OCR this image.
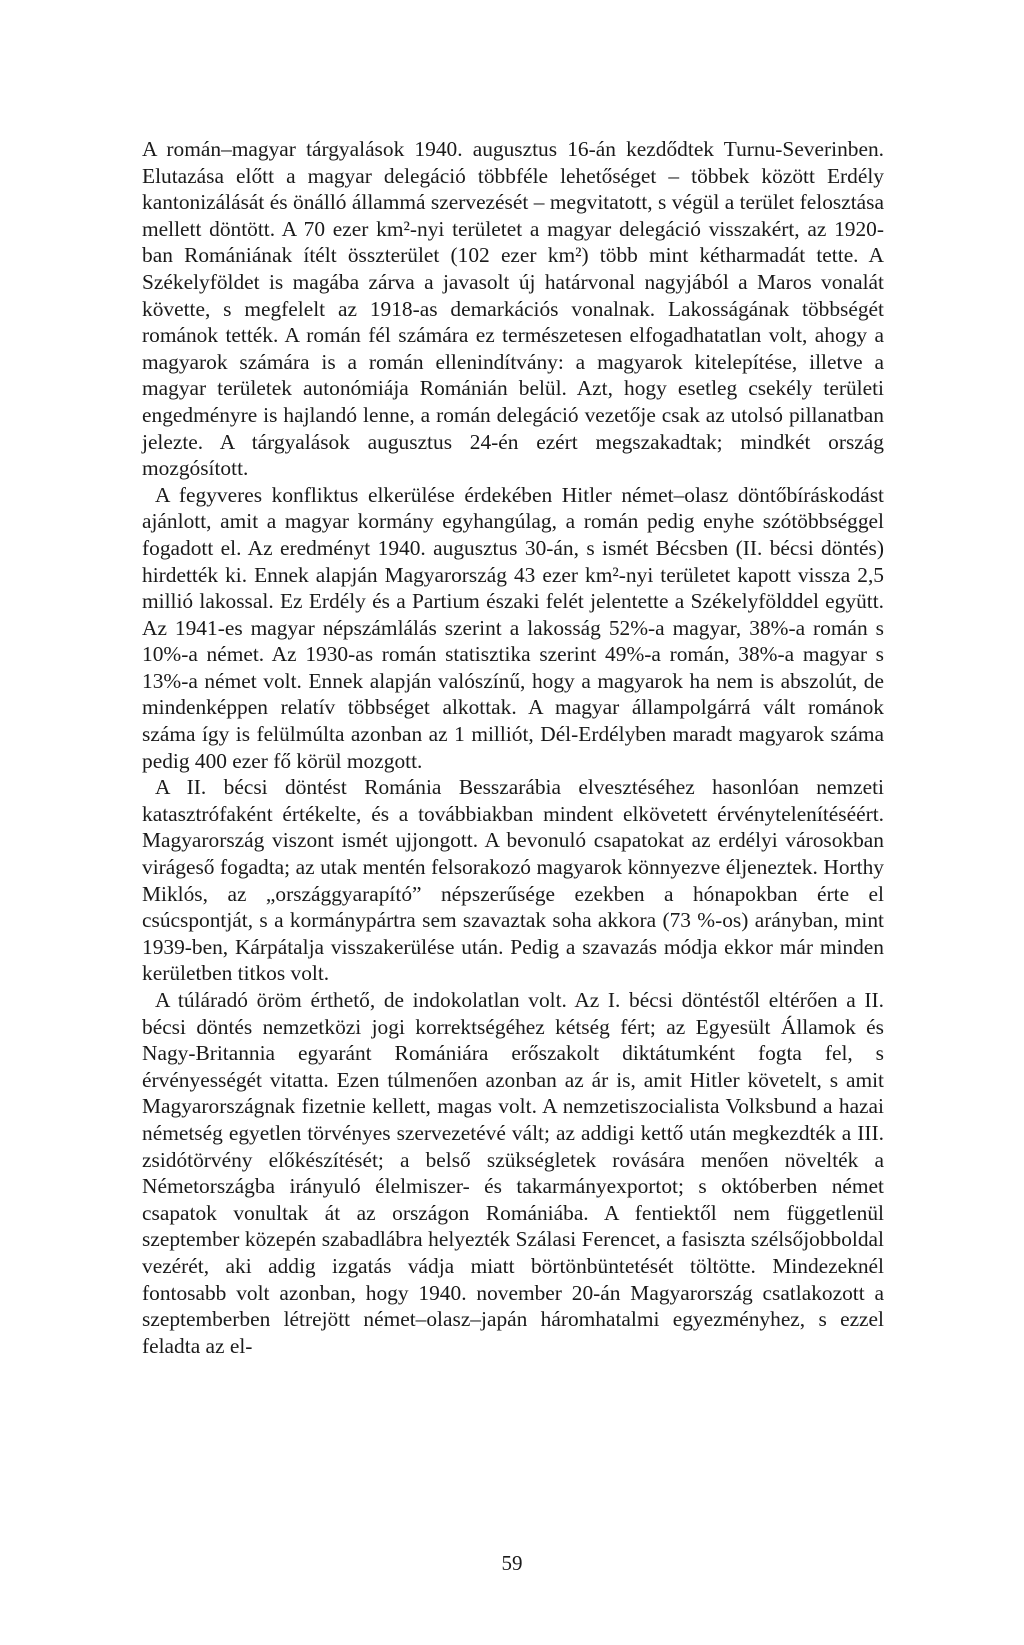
A román–magyar tárgyalások 1940. augusztus 16-án kezdődtek Turnu-Severinben. Elutazása előtt a magyar delegáció többféle lehetőséget – többek között Erdély kantonizálását és önálló állammá szervezését – megvitatott, s végül a terület felosztása mellett döntött. A 70 ezer km²-nyi területet a magyar delegáció visszakért, az 1920-ban Romániának ítélt összterület (102 ezer km²) több mint kétharmadát tette. A Székelyföldet is magába zárva a javasolt új határvonal nagyjából a Maros vonalát követte, s megfelelt az 1918-as demarkációs vonalnak. Lakosságának többségét románok tették. A román fél számára ez természetesen elfogadhatatlan volt, ahogy a magyarok számára is a román ellenindítvány: a magyarok kitelepítése, illetve a magyar területek autonómiája Románián belül. Azt, hogy esetleg csekély területi engedményre is hajlandó lenne, a román delegáció vezetője csak az utolsó pillanatban jelezte. A tárgyalások augusztus 24-én ezért megszakadtak; mindkét ország mozgósított.

A fegyveres konfliktus elkerülése érdekében Hitler német–olasz döntőbíráskodást ajánlott, amit a magyar kormány egyhangúlag, a román pedig enyhe szótöbbséggel fogadott el. Az eredményt 1940. augusztus 30-án, s ismét Bécsben (II. bécsi döntés) hirdették ki. Ennek alapján Magyarország 43 ezer km²-nyi területet kapott vissza 2,5 millió lakossal. Ez Erdély és a Partium északi felét jelentette a Székelyfölddel együtt. Az 1941-es magyar népszámlálás szerint a lakosság 52%-a magyar, 38%-a román s 10%-a német. Az 1930-as román statisztika szerint 49%-a román, 38%-a magyar s 13%-a német volt. Ennek alapján valószínű, hogy a magyarok ha nem is abszolút, de mindenképpen relatív többséget alkottak. A magyar állampolgárrá vált románok száma így is felülmúlta azonban az 1 milliót, Dél-Erdélyben maradt magyarok száma pedig 400 ezer fő körül mozgott.

A II. bécsi döntést Románia Besszarábia elvesztéséhez hasonlóan nemzeti katasztrófaként értékelte, és a továbbiakban mindent elkövetett érvénytelenítéséért. Magyarország viszont ismét ujjongott. A bevonuló csapatokat az erdélyi városokban virágeső fogadta; az utak mentén felsorakozó magyarok könnyezve éljeneztek. Horthy Miklós, az „országgyarapító” népszerűsége ezekben a hónapokban érte el csúcspontját, s a kormánypártra sem szavaztak soha akkora (73 %-os) arányban, mint 1939-ben, Kárpátalja visszakerülése után. Pedig a szavazás módja ekkor már minden kerületben titkos volt.

A túláradó öröm érthető, de indokolatlan volt. Az I. bécsi döntéstől eltérően a II. bécsi döntés nemzetközi jogi korrektségéhez kétség fért; az Egyesült Államok és Nagy-Britannia egyaránt Romániára erőszakolt diktátumként fogta fel, s érvényességét vitatta. Ezen túlmenően azonban az ár is, amit Hitler követelt, s amit Magyarországnak fizetnie kellett, magas volt. A nemzetiszocialista Volksbund a hazai németség egyetlen törvényes szervezetévé vált; az addigi kettő után megkezdték a III. zsidótörvény előkészítését; a belső szükségletek rovására menően növelték a Németországba irányuló élelmiszer- és takarmányexportot; s októberben német csapatok vonultak át az országon Romániába. A fentiektől nem függetlenül szeptember közepén szabadlábra helyezték Szálasi Ferencet, a fasiszta szélsőjobboldal vezérét, aki addig izgatás vádja miatt börtönbüntetését töltötte. Mindezeknél fontosabb volt azonban, hogy 1940. november 20-án Magyarország csatlakozott a szeptemberben létrejött német–olasz–japán háromhatalmi egyezményhez, s ezzel feladta az el-

59
